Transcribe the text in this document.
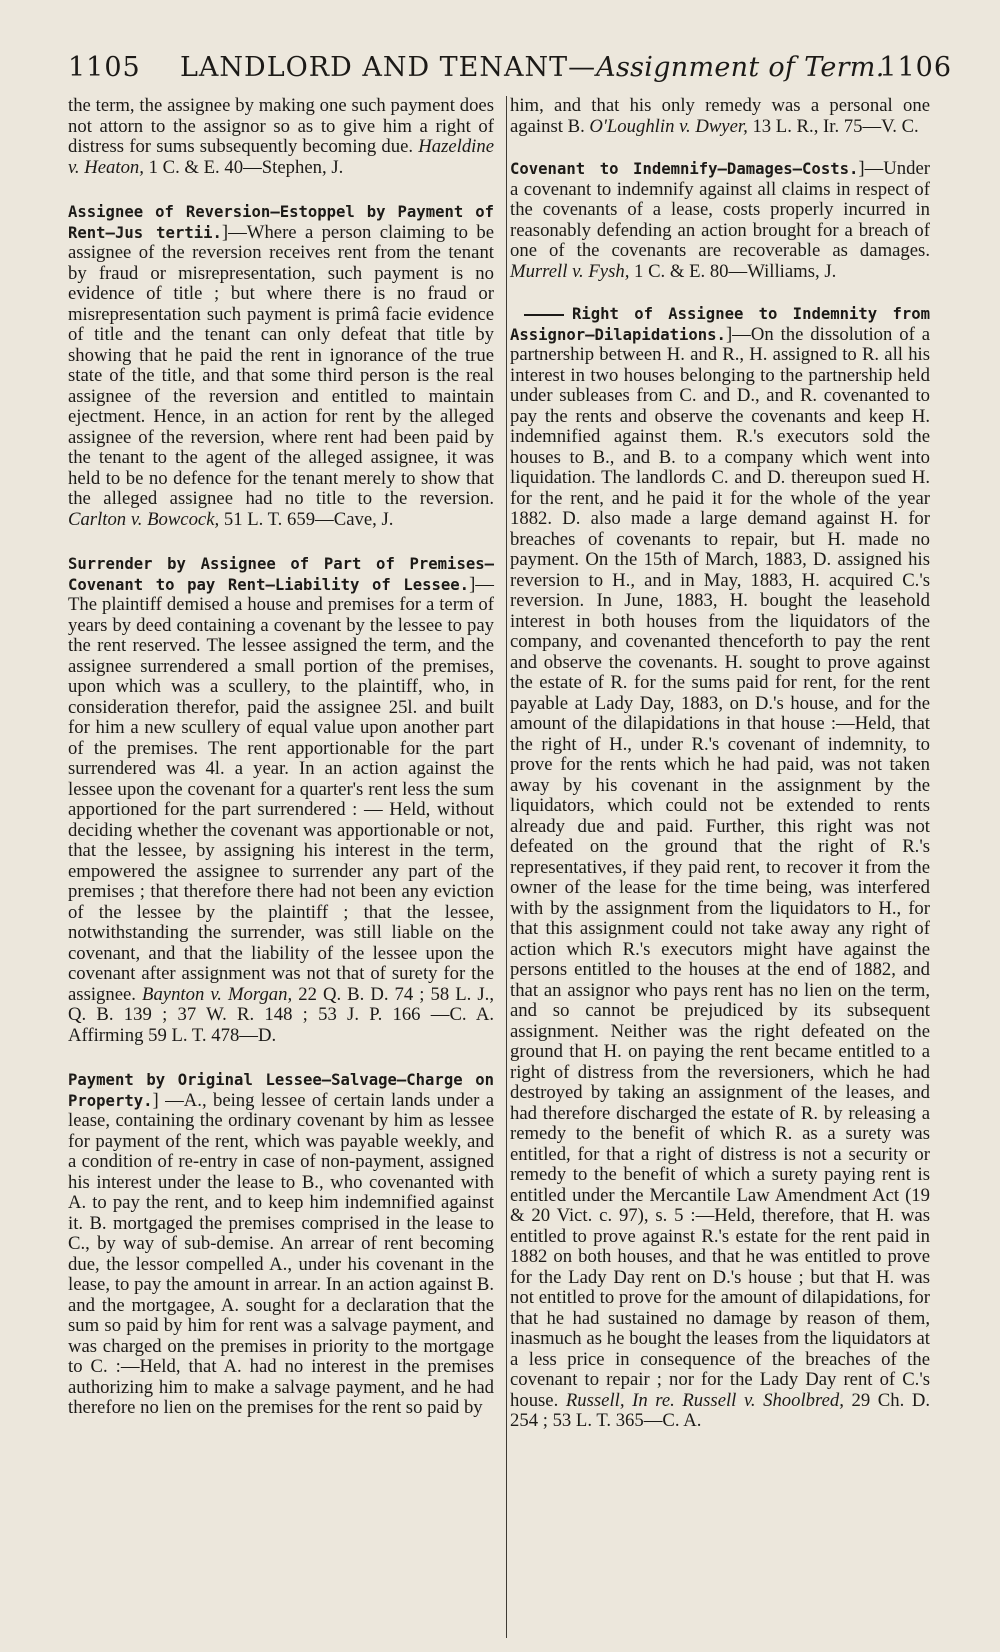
1105 LANDLORD AND TENANT—Assignment of Term.
1106

the term, the assignee by making one such payment does not attorn to the assignor so as to give him a right of distress for sums subsequently becoming due. Hazeldine v. Heaton, 1 C. & E. 40—Stephen, J.

Assignee of Reversion—Estoppel by Payment of Rent—Jus tertii.]—Where a person claiming to be assignee of the reversion receives rent from the tenant by fraud or misrepresentation, such payment is no evidence of title ; but where there is no fraud or misrepresentation such payment is primâ facie evidence of title and the tenant can only defeat that title by showing that he paid the rent in ignorance of the true state of the title, and that some third person is the real assignee of the reversion and entitled to maintain ejectment. Hence, in an action for rent by the alleged assignee of the reversion, where rent had been paid by the tenant to the agent of the alleged assignee, it was held to be no defence for the tenant merely to show that the alleged assignee had no title to the reversion. Carlton v. Bowcock, 51 L. T. 659—Cave, J.

Surrender by Assignee of Part of Premises—Covenant to pay Rent—Liability of Lessee.]—The plaintiff demised a house and premises for a term of years by deed containing a covenant by the lessee to pay the rent reserved. The lessee assigned the term, and the assignee surrendered a small portion of the premises, upon which was a scullery, to the plaintiff, who, in consideration therefor, paid the assignee 25l. and built for him a new scullery of equal value upon another part of the premises. The rent apportionable for the part surrendered was 4l. a year. In an action against the lessee upon the covenant for a quarter's rent less the sum apportioned for the part surrendered : — Held, without deciding whether the covenant was apportionable or not, that the lessee, by assigning his interest in the term, empowered the assignee to surrender any part of the premises ; that therefore there had not been any eviction of the lessee by the plaintiff ; that the lessee, notwithstanding the surrender, was still liable on the covenant, and that the liability of the lessee upon the covenant after assignment was not that of surety for the assignee. Baynton v. Morgan, 22 Q. B. D. 74 ; 58 L. J., Q. B. 139 ; 37 W. R. 148 ; 53 J. P. 166 —C. A. Affirming 59 L. T. 478—D.

Payment by Original Lessee—Salvage—Charge on Property.] —A., being lessee of certain lands under a lease, containing the ordinary covenant by him as lessee for payment of the rent, which was payable weekly, and a condition of re-entry in case of non-payment, assigned his interest under the lease to B., who covenanted with A. to pay the rent, and to keep him indemnified against it. B. mortgaged the premises comprised in the lease to C., by way of sub-demise. An arrear of rent becoming due, the lessor compelled A., under his covenant in the lease, to pay the amount in arrear. In an action against B. and the mortgagee, A. sought for a declaration that the sum so paid by him for rent was a salvage payment, and was charged on the premises in priority to the mortgage to C. :—Held, that A. had no interest in the premises authorizing him to make a salvage payment, and he had therefore no lien on the premises for the rent so paid by

him, and that his only remedy was a personal one against B. O'Loughlin v. Dwyer, 13 L. R., Ir. 75—V. C.

Covenant to Indemnify—Damages—Costs.]—Under a covenant to indemnify against all claims in respect of the covenants of a lease, costs properly incurred in reasonably defending an action brought for a breach of one of the covenants are recoverable as damages. Murrell v. Fysh, 1 C. & E. 80—Williams, J.

Right of Assignee to Indemnity from Assignor—Dilapidations.]—On the dissolution of a partnership between H. and R., H. assigned to R. all his interest in two houses belonging to the partnership held under subleases from C. and D., and R. covenanted to pay the rents and observe the covenants and keep H. indemnified against them. R.'s executors sold the houses to B., and B. to a company which went into liquidation. The landlords C. and D. thereupon sued H. for the rent, and he paid it for the whole of the year 1882. D. also made a large demand against H. for breaches of covenants to repair, but H. made no payment. On the 15th of March, 1883, D. assigned his reversion to H., and in May, 1883, H. acquired C.'s reversion. In June, 1883, H. bought the leasehold interest in both houses from the liquidators of the company, and covenanted thenceforth to pay the rent and observe the covenants. H. sought to prove against the estate of R. for the sums paid for rent, for the rent payable at Lady Day, 1883, on D.'s house, and for the amount of the dilapidations in that house :—Held, that the right of H., under R.'s covenant of indemnity, to prove for the rents which he had paid, was not taken away by his covenant in the assignment by the liquidators, which could not be extended to rents already due and paid. Further, this right was not defeated on the ground that the right of R.'s representatives, if they paid rent, to recover it from the owner of the lease for the time being, was interfered with by the assignment from the liquidators to H., for that this assignment could not take away any right of action which R.'s executors might have against the persons entitled to the houses at the end of 1882, and that an assignor who pays rent has no lien on the term, and so cannot be prejudiced by its subsequent assignment. Neither was the right defeated on the ground that H. on paying the rent became entitled to a right of distress from the reversioners, which he had destroyed by taking an assignment of the leases, and had therefore discharged the estate of R. by releasing a remedy to the benefit of which R. as a surety was entitled, for that a right of distress is not a security or remedy to the benefit of which a surety paying rent is entitled under the Mercantile Law Amendment Act (19 & 20 Vict. c. 97), s. 5 :—Held, therefore, that H. was entitled to prove against R.'s estate for the rent paid in 1882 on both houses, and that he was entitled to prove for the Lady Day rent on D.'s house ; but that H. was not entitled to prove for the amount of dilapidations, for that he had sustained no damage by reason of them, inasmuch as he bought the leases from the liquidators at a less price in consequence of the breaches of the covenant to repair ; nor for the Lady Day rent of C.'s house. Russell, In re. Russell v. Shoolbred, 29 Ch. D. 254 ; 53 L. T. 365—C. A.
